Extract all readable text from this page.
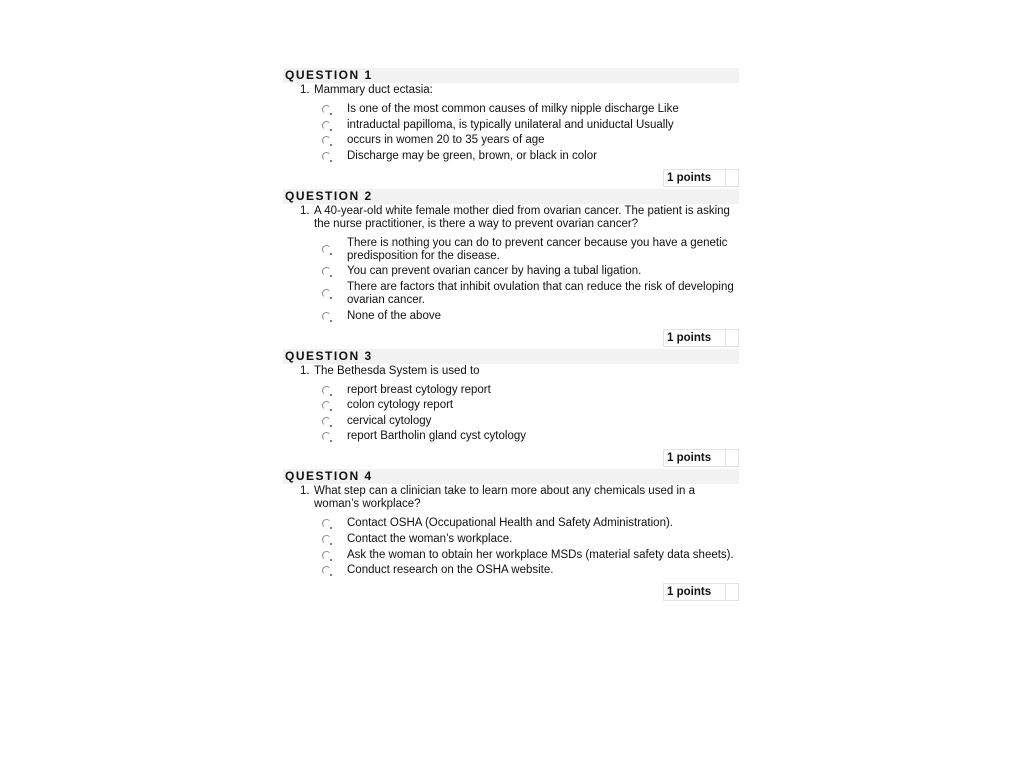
QUESTION 1
1. Mammary duct ectasia:
Is one of the most common causes of milky nipple discharge Like
intraductal papilloma, is typically unilateral and uniductal Usually
occurs in women 20 to 35 years of age
Discharge may be green, brown, or black in color
1 points
QUESTION 2
1. A 40-year-old white female mother died from ovarian cancer. The patient is asking the nurse practitioner, is there a way to prevent ovarian cancer?
There is nothing you can do to prevent cancer because you have a genetic predisposition for the disease.
You can prevent ovarian cancer by having a tubal ligation.
There are factors that inhibit ovulation that can reduce the risk of developing ovarian cancer.
None of the above
1 points
QUESTION 3
1. The Bethesda System is used to
report breast cytology report
colon cytology report
cervical cytology
report Bartholin gland cyst cytology
1 points
QUESTION 4
1. What step can a clinician take to learn more about any chemicals used in a woman’s workplace?
Contact OSHA (Occupational Health and Safety Administration).
Contact the woman’s workplace.
Ask the woman to obtain her workplace MSDs (material safety data sheets).
Conduct research on the OSHA website.
1 points
